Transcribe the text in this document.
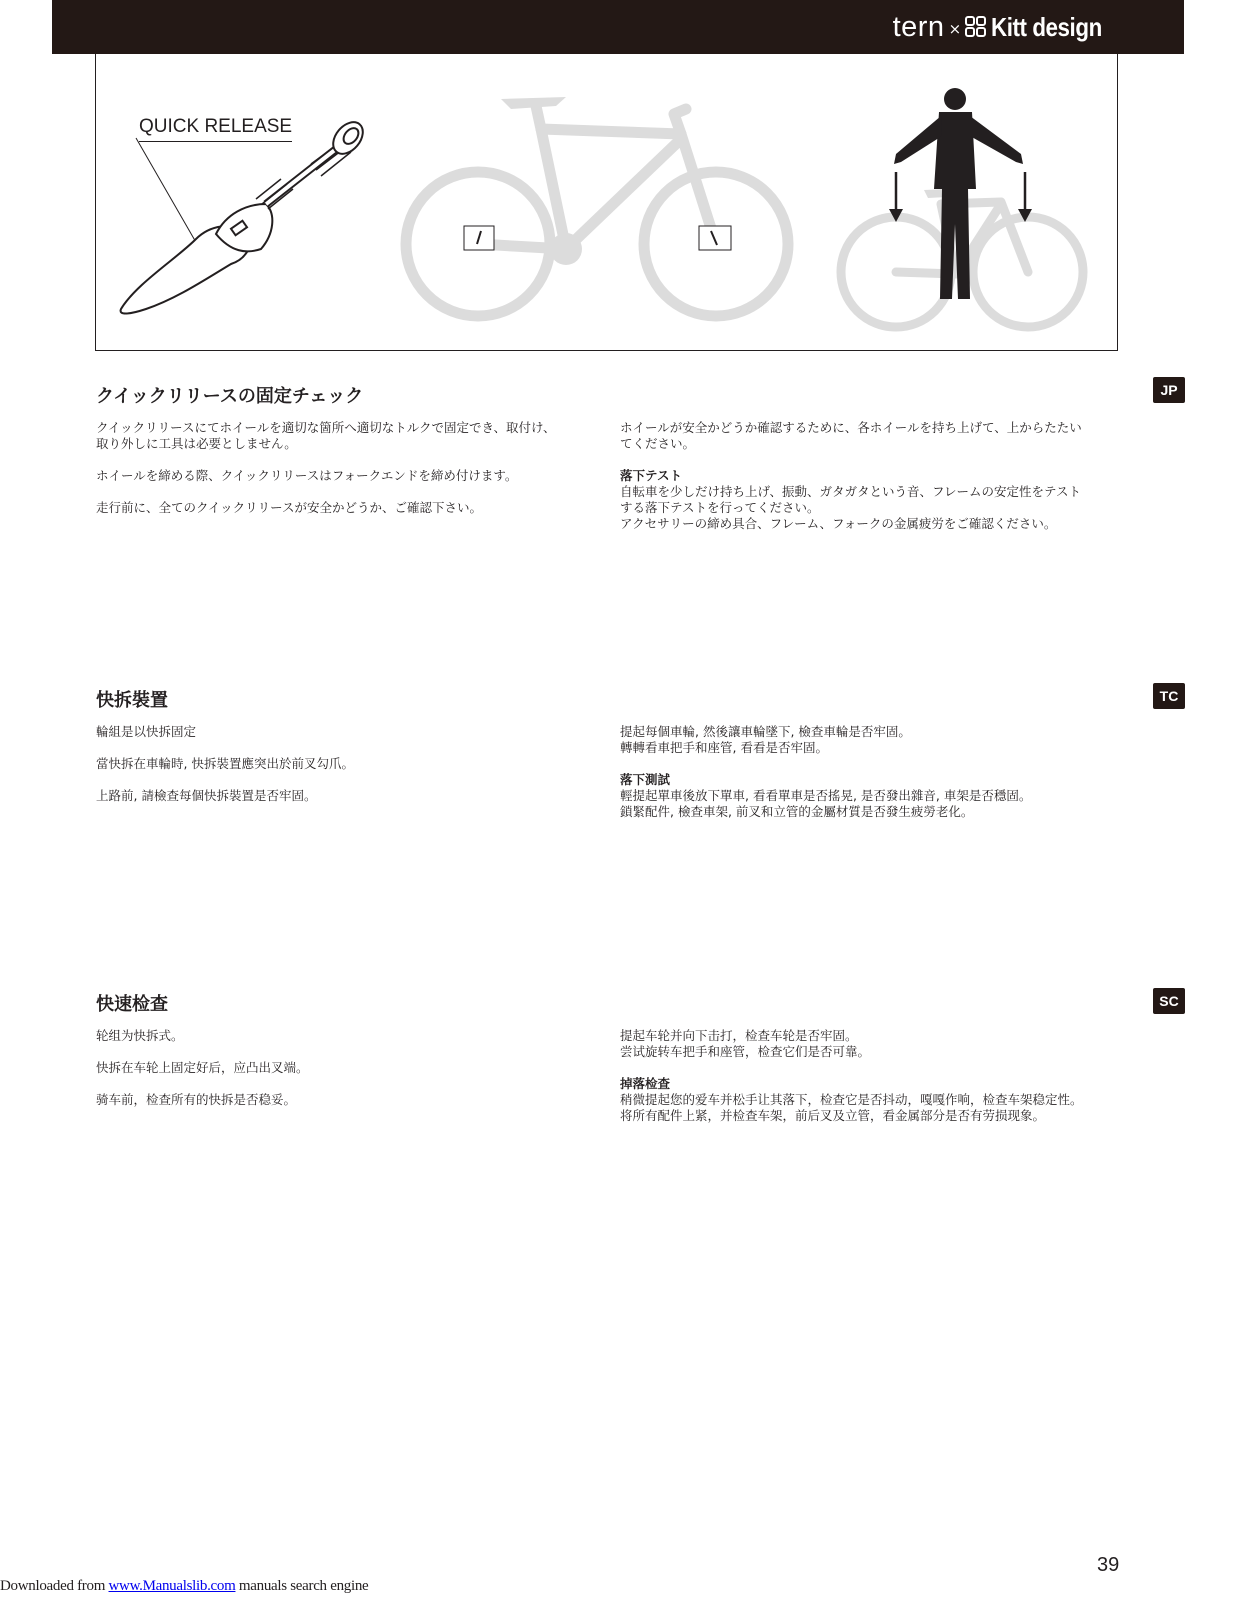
tern × Kitt design
QUICK RELEASE
JP
TC
SC
クイックリリースの固定チェック

クイックリリースにてホイールを適切な箇所へ適切なトルクで固定でき、取付け、
取り外しに工具は必要としません。

ホイールを締める際、クイックリリースはフォークエンドを締め付けます。

走行前に、全てのクイックリリースが安全かどうか、ご確認下さい。

ホイールが安全かどうか確認するために、各ホイールを持ち上げて、上からたたい
てください。

落下テスト

自転車を少しだけ持ち上げ、振動、ガタガタという音、フレームの安定性をテスト
する落下テストを行ってください。
アクセサリーの締め具合、フレーム、フォークの金属疲労をご確認ください。

快拆裝置

輪組是以快拆固定

當快拆在車輪時, 快拆裝置應突出於前叉勾爪。

上路前, 請檢查每個快拆裝置是否牢固。

提起每個車輪, 然後讓車輪墜下, 檢查車輪是否牢固。
轉轉看車把手和座管, 看看是否牢固。

落下測試

輕提起單車後放下單車, 看看單車是否搖晃, 是否發出雜音, 車架是否穩固。
鎖緊配件, 檢查車架, 前叉和立管的金屬材質是否發生疲勞老化。

快速检查

轮组为快拆式。

快拆在车轮上固定好后，应凸出叉端。

骑车前，检查所有的快拆是否稳妥。

提起车轮并向下击打，检查车轮是否牢固。
尝试旋转车把手和座管，检查它们是否可靠。

掉落检查

稍微提起您的爱车并松手让其落下，检查它是否抖动，嘎嘎作响，检查车架稳定性。
将所有配件上紧，并检查车架，前后叉及立管，看金属部分是否有劳损现象。

39
Downloaded from www.Manualslib.com manuals search engine
